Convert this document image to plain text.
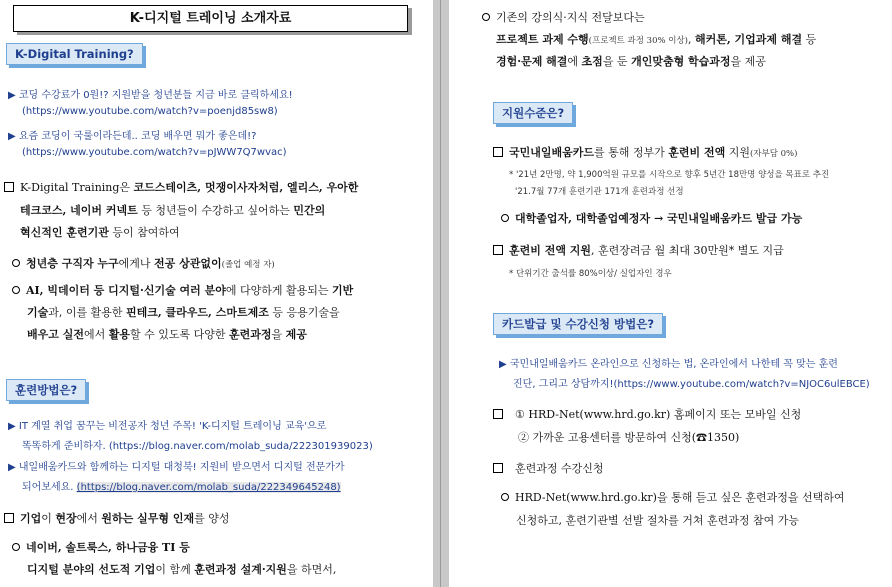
K-디지털 트레이닝 소개자료
K-Digital Training?
▶ 코딩 수강료가 0원!? 지원받을 청년분들 지금 바로 클릭하세요!
(https://www.youtube.com/watch?v=poenjd85sw8)
▶ 요즘 코딩이 국룰이라든데.. 코딩 배우면 뭐가 좋은데!?
(https://www.youtube.com/watch?v=pJWW7Q7wvac)
K-Digital Training은 코드스테이츠, 멋쟁이사자처럼, 엘리스, 우아한
테크코스, 네이버 커넥트 등 청년들이 수강하고 싶어하는 민간의
혁신적인 훈련기관 등이 참여하여
청년층 구직자 누구에게나 전공 상관없이(졸업 예정 자)
AI, 빅데이터 등 디지털·신기술 여러 분야에 다양하게 활용되는 기반
기술과, 이를 활용한 핀테크, 클라우드, 스마트제조 등 응용기술을
배우고 실전에서 활용할 수 있도록 다양한 훈련과정을 제공
훈련방법은?
▶ IT 계열 취업 꿈꾸는 비전공자 청년 주목! 'K-디지털 트레이닝 교육'으로
똑똑하게 준비하자. (https://blog.naver.com/molab_suda/222301939023)
▶ 내일배움카드와 함께하는 디지털 대청북! 지원비 받으면서 디지털 전문가가
되어보세요. (https://blog.naver.com/molab_suda/222349645248)
기업이 현장에서 원하는 실무형 인재를 양성
네이버, 솔트룩스, 하나금융 TI 등
디지털 분야의 선도적 기업이 함께 훈련과정 설계·지원을 하면서,
기존의 강의식·지식 전달보다는
프로젝트 과제 수행(프로젝트 과정 30% 이상), 해커톤, 기업과제 해결 등
경험·문제 해결에 초점을 둔 개인맞춤형 학습과정을 제공
지원수준은?
국민내일배움카드를 통해 정부가 훈련비 전액 지원(자부담 0%)
* '21년 2만명, 약 1,900억원 규모를 시작으로 향후 5년간 18만명 양성을 목표로 추진
'21.7월 77개 훈련기관 171개 훈련과정 선정
대학졸업자, 대학졸업예정자 → 국민내일배움카드 발급 가능
훈련비 전액 지원, 훈련장려금 월 최대 30만원* 별도 지급
* 단위기간 출석률 80%이상/ 실업자인 경우
카드발급 및 수강신청 방법은?
▶ 국민내일배움카드 온라인으로 신청하는 법, 온라인에서 나한테 꼭 맞는 훈련
진단, 그리고 상담까지!(https://www.youtube.com/watch?v=NJOC6ulEBCE)
① HRD-Net(www.hrd.go.kr) 홈페이지 또는 모바일 신청
② 가까운 고용센터를 방문하여 신청(☎1350)
훈련과정 수강신청
HRD-Net(www.hrd.go.kr)을 통해 듣고 싶은 훈련과정을 선택하여
신청하고, 훈련기관별 선발 절차를 거쳐 훈련과정 참여 가능
